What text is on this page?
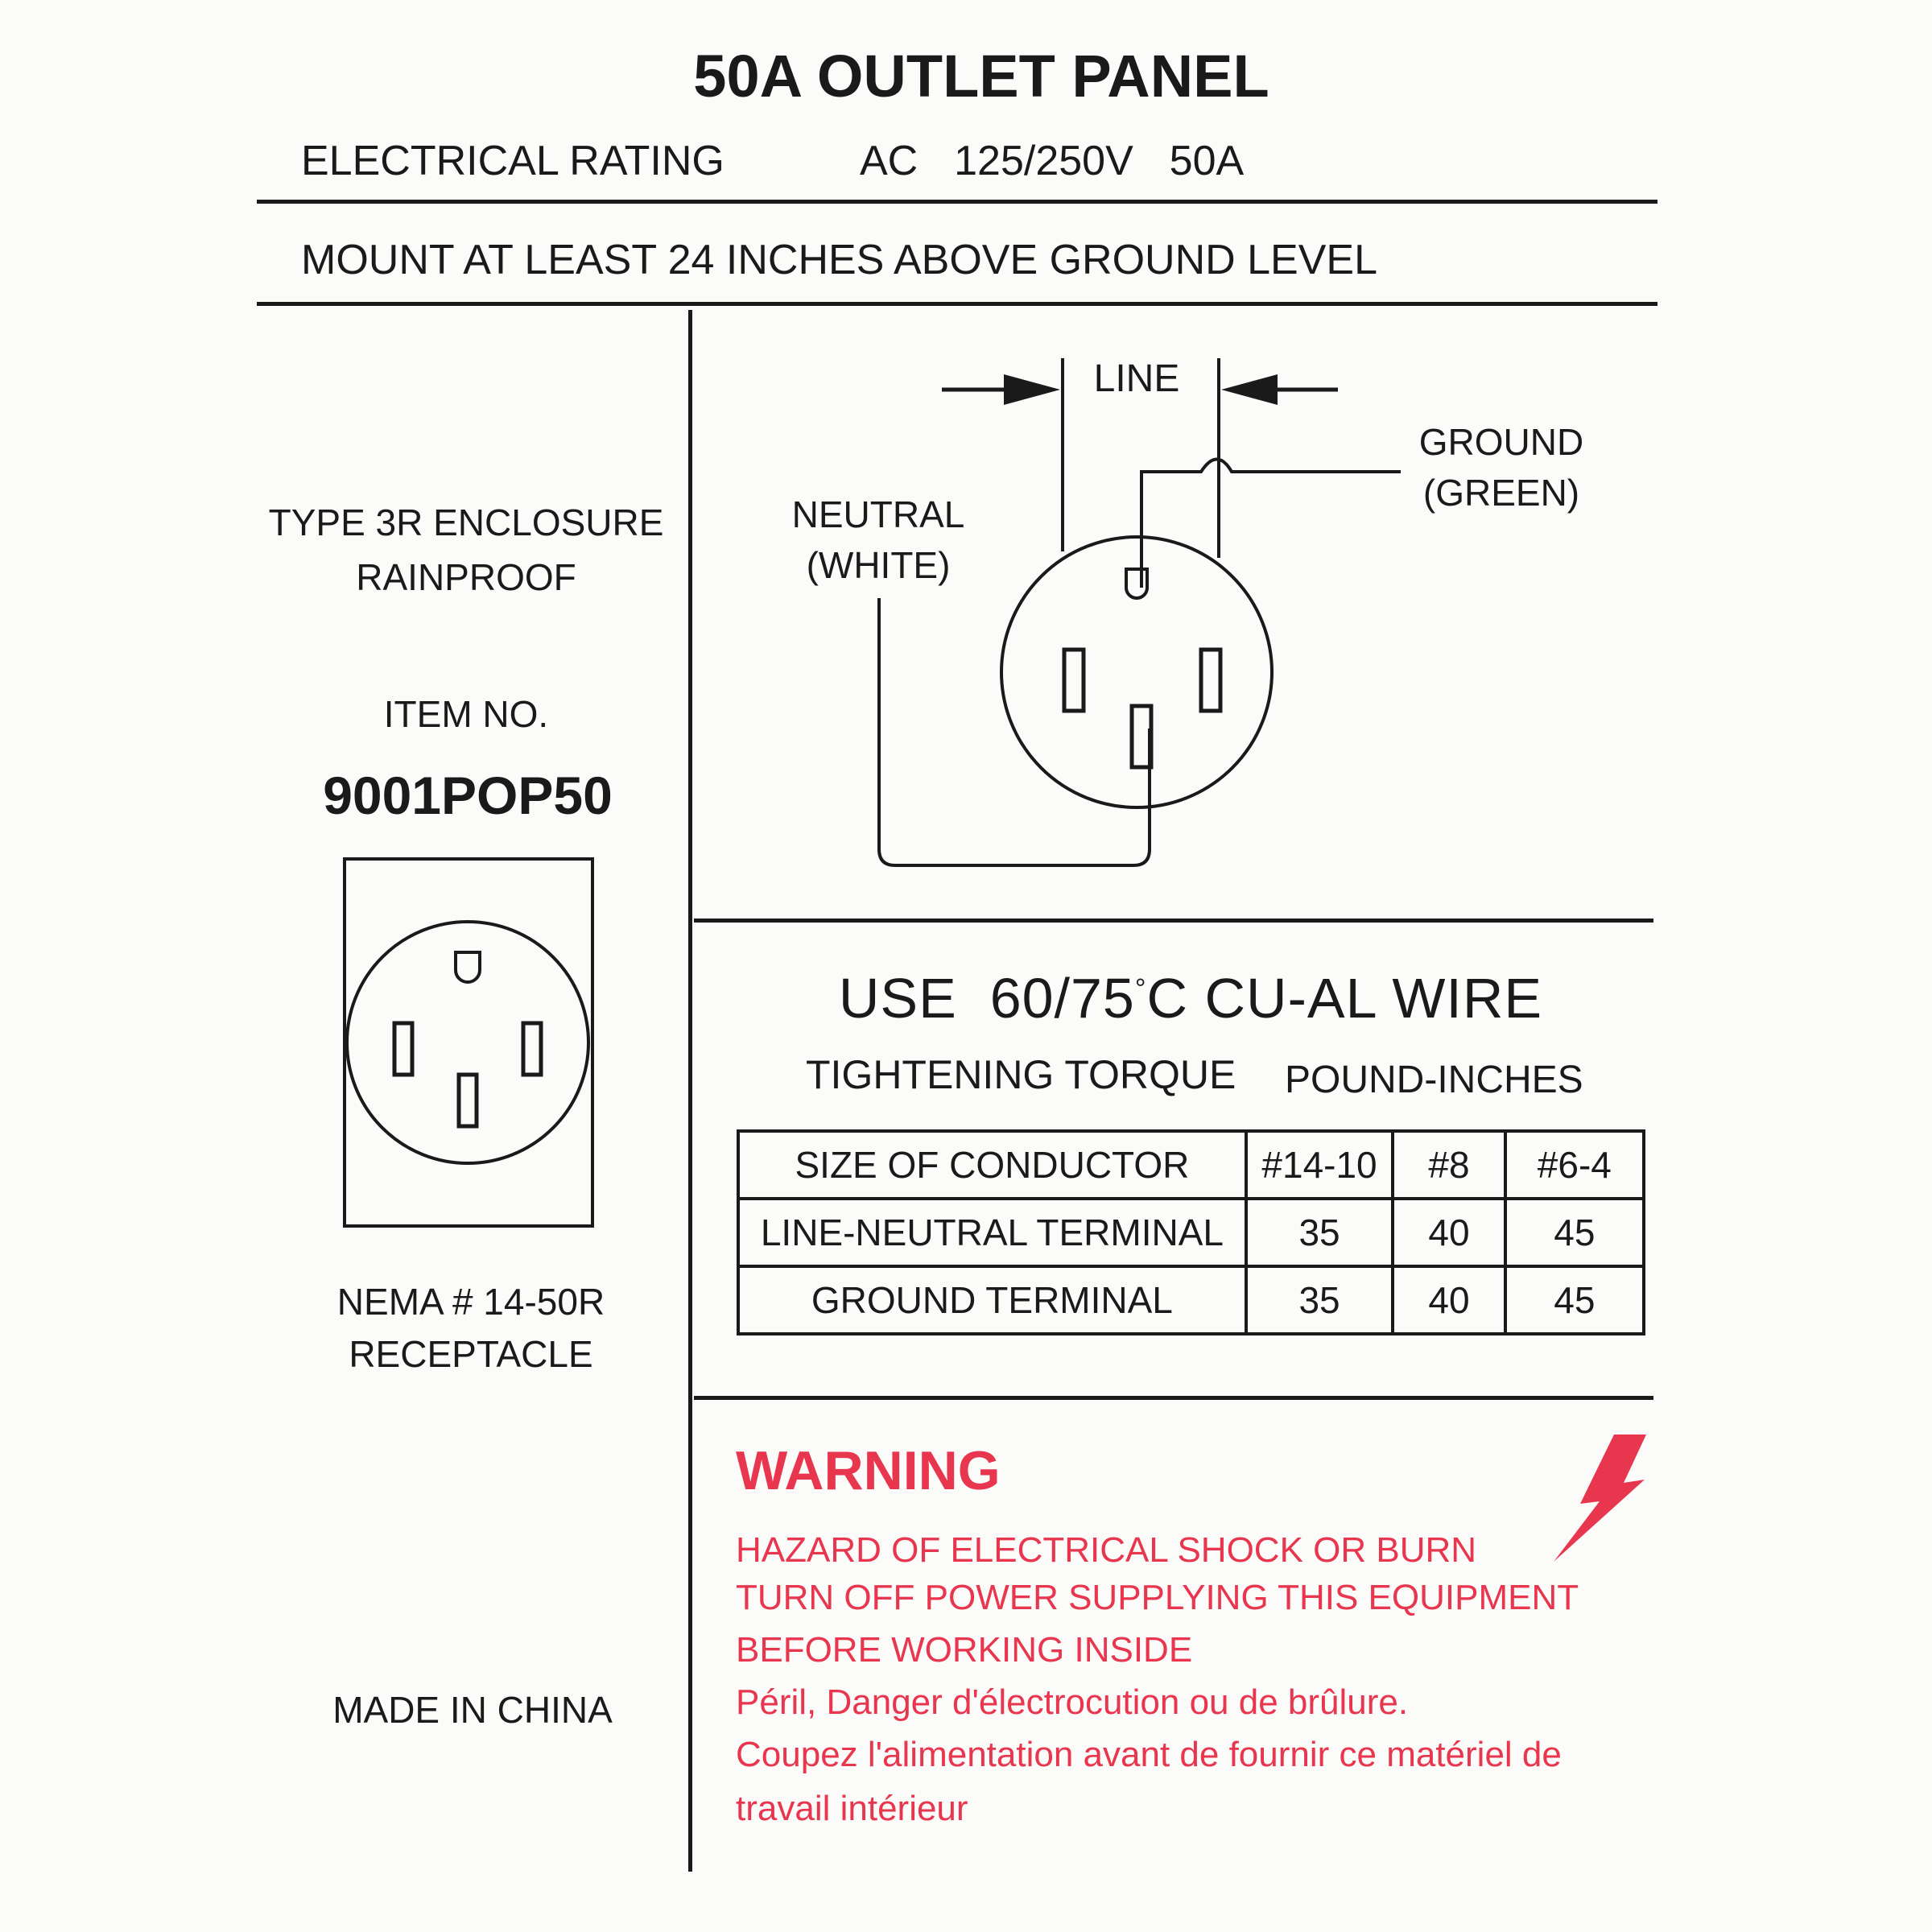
50A OUTLET PANEL
ELECTRICAL RATING	AC  125/250V  50A
MOUNT AT LEAST 24 INCHES ABOVE GROUND LEVEL
TYPE 3R ENCLOSURE
RAINPROOF
ITEM NO.
9001POP50
NEMA # 14-50R
RECEPTACLE
MADE IN CHINA
LINE
GROUND
(GREEN)
NEUTRAL
(WHITE)
USE  60/75°C CU-AL WIRE
TIGHTENING TORQUE POUND-INCHES
SIZE OF CONDUCTOR	#14-10	#8	#6-4
LINE-NEUTRAL TERMINAL	35	40	45
GROUND TERMINAL	35	40	45
WARNING
HAZARD OF ELECTRICAL SHOCK OR BURN
TURN OFF POWER SUPPLYING THIS EQUIPMENT
BEFORE WORKING INSIDE
Péril, Danger d'électrocution ou de brûlure.
Coupez l'alimentation avant de fournir ce matériel de
travail intérieur
